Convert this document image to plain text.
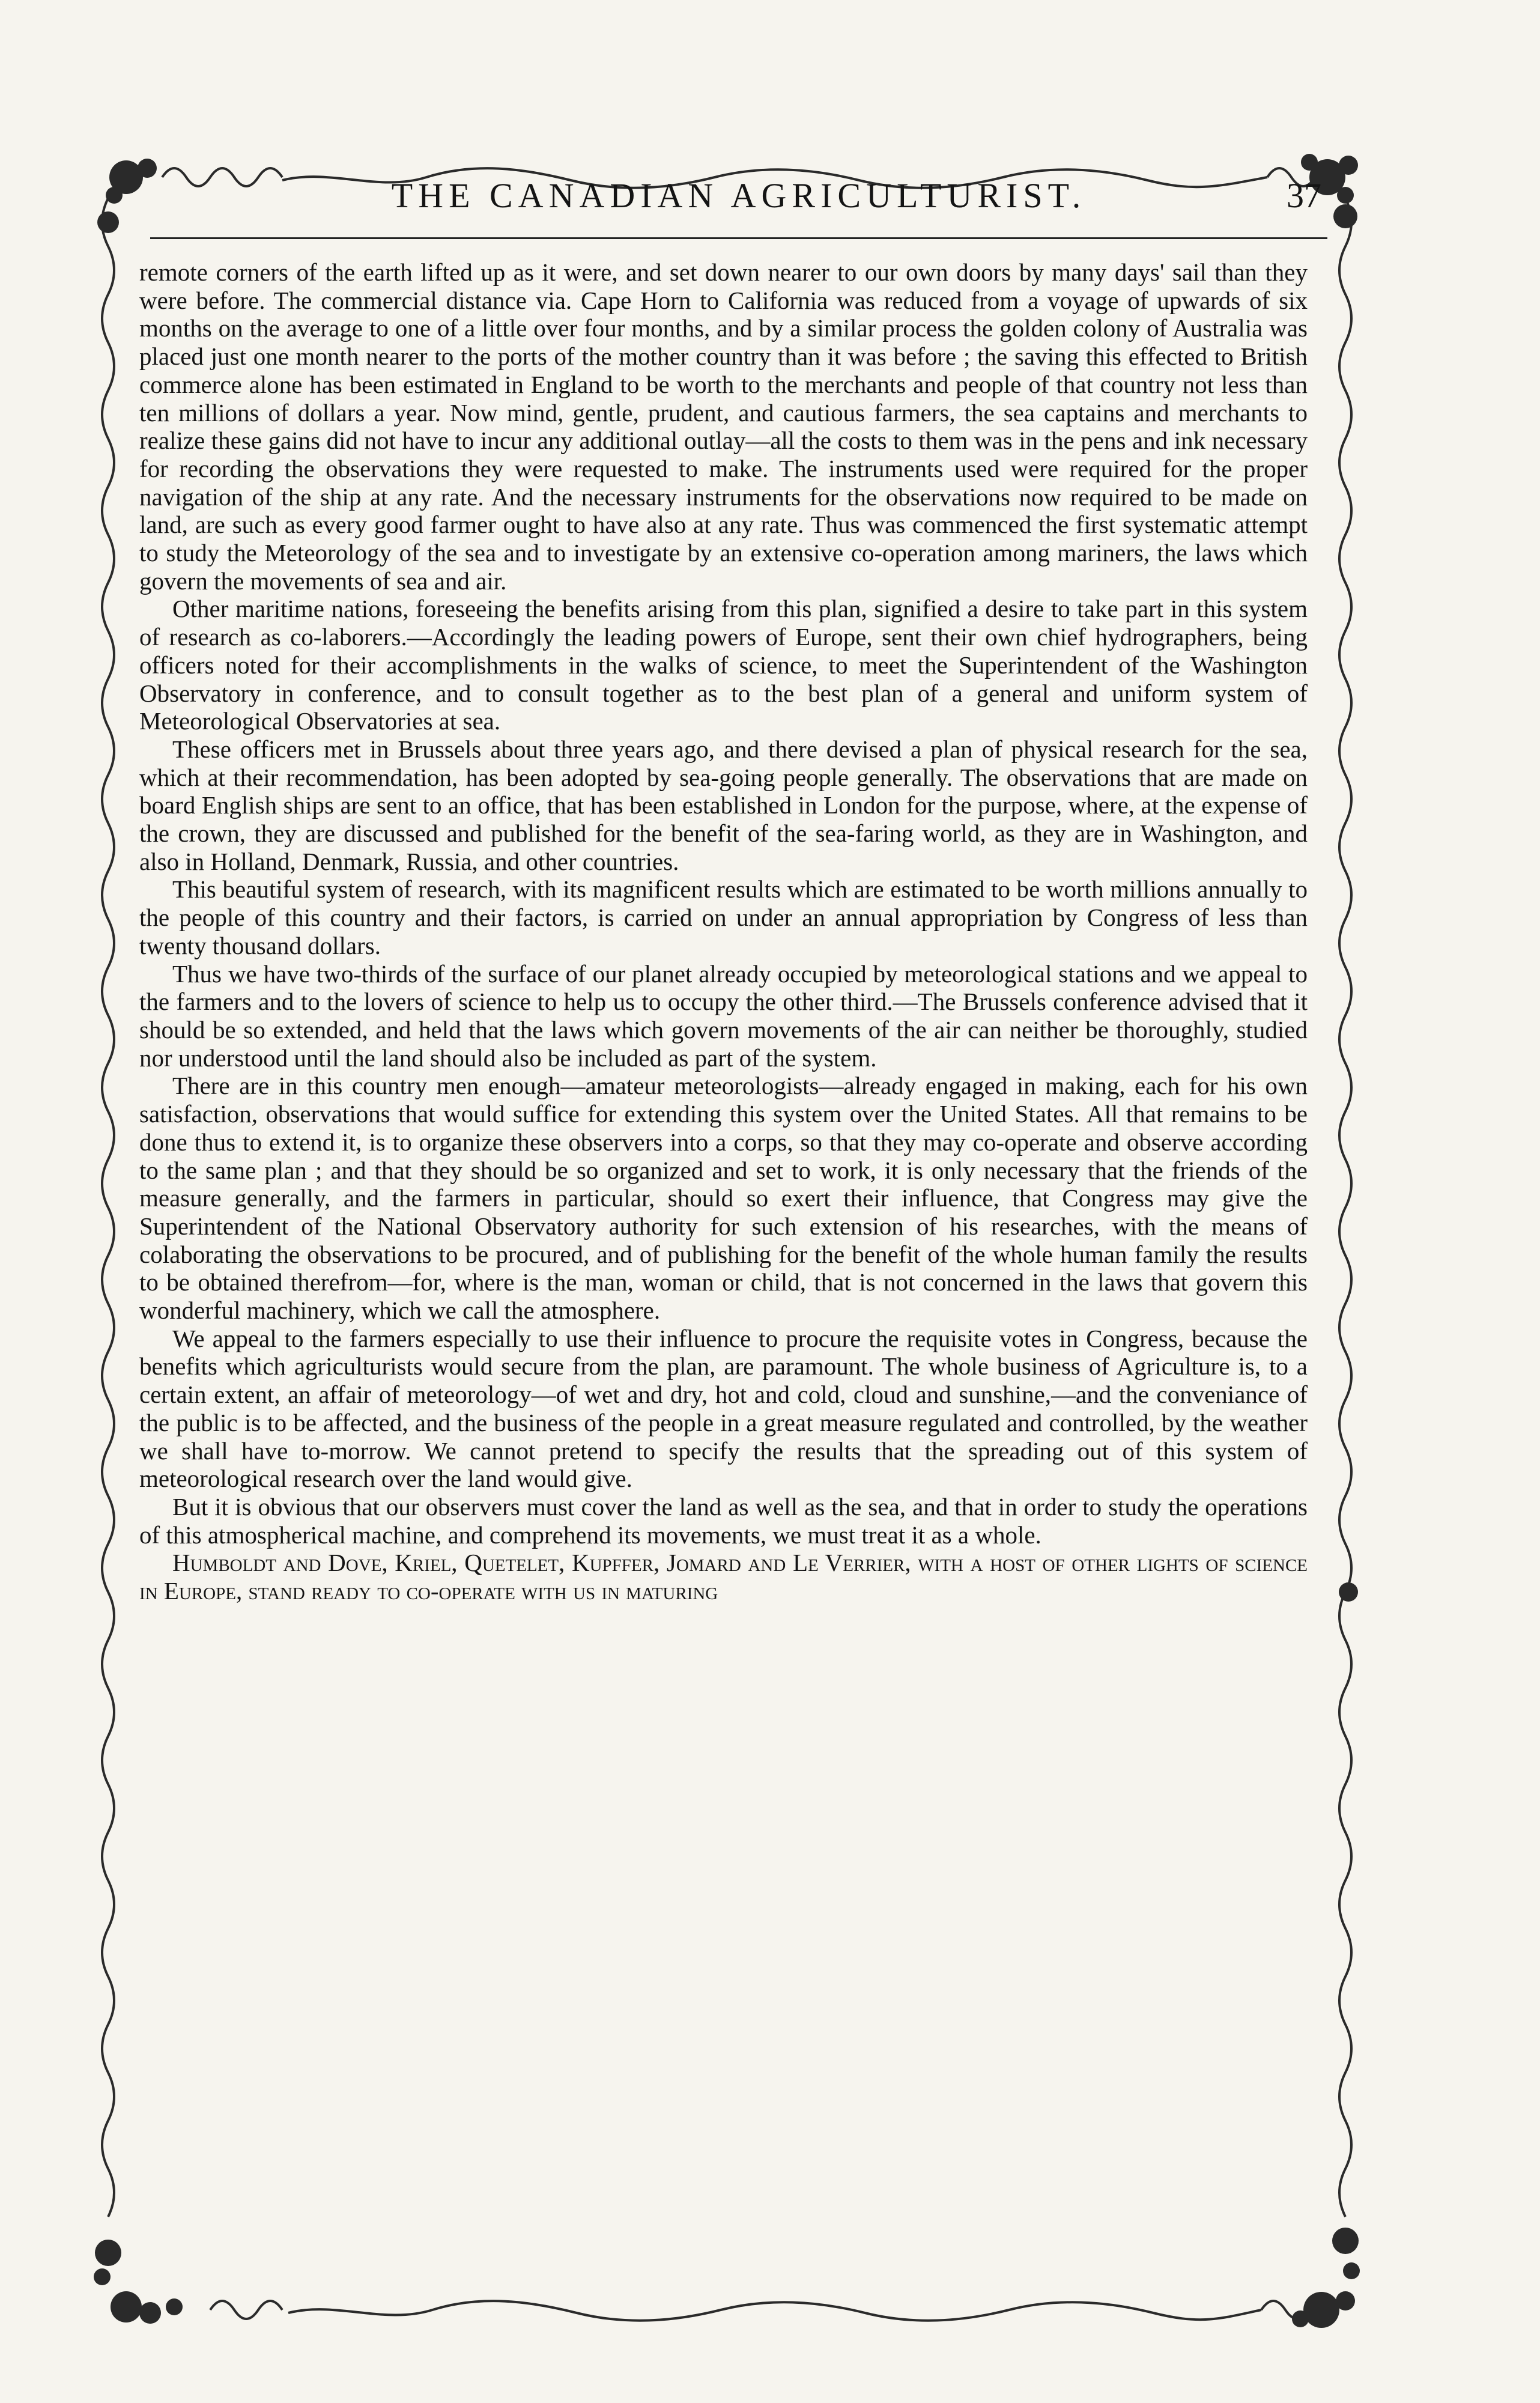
THE CANADIAN AGRICULTURIST.	37

remote corners of the earth lifted up as it were, and set down nearer to our own doors by many days' sail than they were before. The commercial distance via. Cape Horn to California was reduced from a voyage of upwards of six months on the average to one of a little over four months, and by a similar process the golden colony of Australia was placed just one month nearer to the ports of the mother country than it was before ; the saving this effected to British commerce alone has been estimated in England to be worth to the merchants and people of that country not less than ten millions of dollars a year. Now mind, gentle, prudent, and cautious farmers, the sea captains and merchants to realize these gains did not have to incur any additional outlay—all the costs to them was in the pens and ink necessary for recording the observations they were requested to make. The instruments used were required for the proper navigation of the ship at any rate. And the necessary instruments for the observations now required to be made on land, are such as every good farmer ought to have also at any rate. Thus was commenced the first systematic attempt to study the Meteorology of the sea and to investigate by an extensive co-operation among mariners, the laws which govern the movements of sea and air.

Other maritime nations, foreseeing the benefits arising from this plan, signified a desire to take part in this system of research as co-laborers.—Accordingly the leading powers of Europe, sent their own chief hydrographers, being officers noted for their accomplishments in the walks of science, to meet the Superintendent of the Washington Observatory in conference, and to consult together as to the best plan of a general and uniform system of Meteorological Observatories at sea.

These officers met in Brussels about three years ago, and there devised a plan of physical research for the sea, which at their recommendation, has been adopted by sea-going people generally. The observations that are made on board English ships are sent to an office, that has been established in London for the purpose, where, at the expense of the crown, they are discussed and published for the benefit of the sea-faring world, as they are in Washington, and also in Holland, Denmark, Russia, and other countries.

This beautiful system of research, with its magnificent results which are estimated to be worth millions annually to the people of this country and their factors, is carried on under an annual appropriation by Congress of less than twenty thousand dollars.

Thus we have two-thirds of the surface of our planet already occupied by meteorological stations and we appeal to the farmers and to the lovers of science to help us to occupy the other third.—The Brussels conference advised that it should be so extended, and held that the laws which govern movements of the air can neither be thoroughly, studied nor understood until the land should also be included as part of the system.

There are in this country men enough—amateur meteorologists—already engaged in making, each for his own satisfaction, observations that would suffice for extending this system over the United States. All that remains to be done thus to extend it, is to organize these observers into a corps, so that they may co-operate and observe according to the same plan ; and that they should be so organized and set to work, it is only necessary that the friends of the measure generally, and the farmers in particular, should so exert their influence, that Congress may give the Superintendent of the National Observatory authority for such extension of his researches, with the means of colaborating the observations to be procured, and of publishing for the benefit of the whole human family the results to be obtained therefrom—for, where is the man, woman or child, that is not concerned in the laws that govern this wonderful machinery, which we call the atmosphere.

We appeal to the farmers especially to use their influence to procure the requisite votes in Congress, because the benefits which agriculturists would secure from the plan, are paramount. The whole business of Agriculture is, to a certain extent, an affair of meteorology—of wet and dry, hot and cold, cloud and sunshine,—and the conveniance of the public is to be affected, and the business of the people in a great measure regulated and controlled, by the weather we shall have to-morrow. We cannot pretend to specify the results that the spreading out of this system of meteorological research over the land would give.

But it is obvious that our observers must cover the land as well as the sea, and that in order to study the operations of this atmospherical machine, and comprehend its movements, we must treat it as a whole.

Humboldt and Dove, Kriel, Quetelet, Kupffer, Jomard and Le Verrier, with a host of other lights of science in Europe, stand ready to co-operate with us in maturing
